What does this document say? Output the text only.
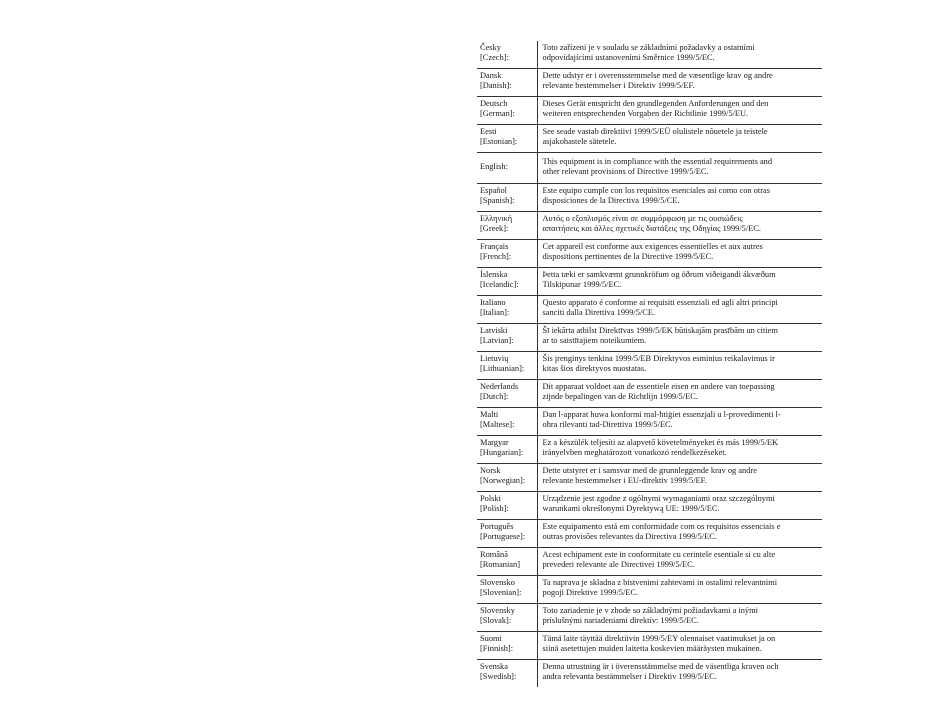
Česky
[Czech]:	Toto zařízení je v souladu se základními požadavky a ostatními
odpovídajícími ustanoveními Směrnice 1999/5/EC.

Dansk
[Danish]:	Dette udstyr er i overensstemmelse med de væsentlige krav og andre
relevante bestemmelser i Direktiv 1999/5/EF.

Deutsch
[German]:	Dieses Gerät entspricht den grundlegenden Anforderungen und den
weiteren entsprechenden Vorgaben der Richtlinie 1999/5/EU.

Eesti
[Estonian]:	See seade vastab direktiivi 1999/5/EÜ olulistele nõuetele ja teistele
asjakohastele sätetele.

English:	This equipment is in compliance with the essential requirements and
other relevant provisions of Directive 1999/5/EC.

Español
[Spanish]:	Este equipo cumple con los requisitos esenciales asi como con otras
disposiciones de la Directiva 1999/5/CE.

Ελληνική
[Greek]:	Αυτός ο εξοπλισμός είναι σε συμμόρφωση με τις ουσιώδεις
απαιτήσεις και άλλες σχετικές διατάξεις της Οδηγίας 1999/5/EC.

Français
[French]:	Cet appareil est conforme aux exigences essentielles et aux autres
dispositions pertinentes de la Directive 1999/5/EC.

Íslenska
[Icelandic]:	Þetta tæki er samkvæmt grunnkröfum og öðrum viðeigandi ákvæðum
Tilskipunar 1999/5/EC.

Italiano
[Italian]:	Questo apparato é conforme ai requisiti essenziali ed agli altri principi
sanciti dalla Direttiva 1999/5/CE.

Latviski
[Latvian]:	Šī iekārta atbilst Direktīvas 1999/5/EK būtiskajām prasībām un citiem
ar to saistītajiem noteikumiem.

Lietuvių
[Lithuanian]:	Šis įrenginys tenkina 1999/5/EB Direktyvos esminius reikalavimus ir
kitas šios direktyvos nuostatas.

Nederlands
[Dutch]:	Dit apparaat voldoet aan de essentiele eisen en andere van toepassing
zijnde bepalingen van de Richtlijn 1999/5/EC.

Malti
[Maltese]:	Dan l-apparat huwa konformi mal-ħtiġiet essenzjali u l-provedimenti l-
oħra rilevanti tad-Direttiva 1999/5/EC.

Margyar
[Hungarian]:	Ez a készülék teljesíti az alapvető követelményeket és más 1999/5/EK
irányelvben meghatározott vonatkozó rendelkezéseket.

Norsk
[Norwegian]:	Dette utstyret er i samsvar med de grunnleggende krav og andre
relevante bestemmelser i EU-direktiv 1999/5/EF.

Polski
[Polish]:	Urządzenie jest zgodne z ogólnymi wymaganiami oraz szczególnymi
warunkami określonymi Dyrektywą UE: 1999/5/EC.

Português
[Portuguese]:	Este equipamento está em conformidade com os requisitos essenciais e
outras provisões relevantes da Directiva 1999/5/EC.

Română
[Romanian]	Acest echipament este in conformitate cu cerintele esentiale si cu alte
prevederi relevante ale Directivei 1999/5/EC.

Slovensko
[Slovenian]:	Ta naprava je skladna z bistvenimi zahtevami in ostalimi relevantnimi
pogoji Direktive 1999/5/EC.

Slovensky
[Slovak]:	Toto zariadenie je v zhode so základnými požiadavkami a inými
príslušnými nariadeniami direktív: 1999/5/EC.

Suomi
[Finnish]:	Tämä laite täyttää direktiivin 1999/5/EY olennaiset vaatimukset ja on
siinä asetettujen muiden laitetta koskevien määräysten mukainen.

Svenska
[Swedish]:	Denna utrustning är i överensstämmelse med de väsentliga kraven och
andra relevanta bestämmelser i Direktiv 1999/5/EC.
